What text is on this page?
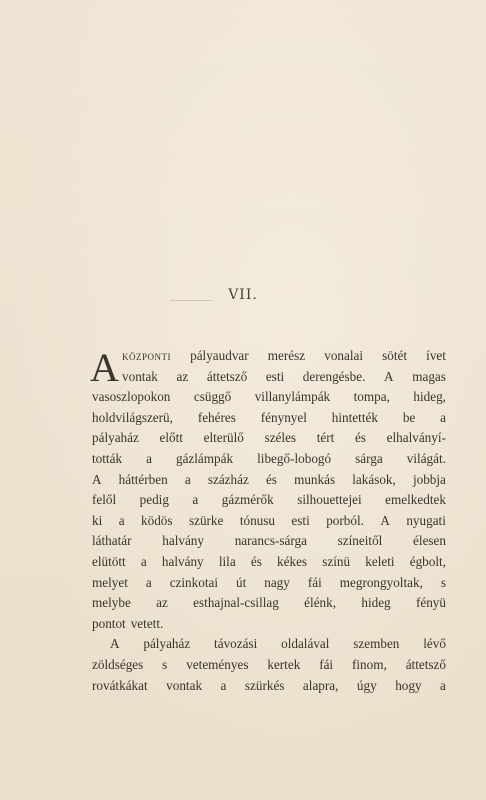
VII.
A központi pályaudvar merész vonalai sötét ívet
vontak az áttetsző esti derengésbe. A magas
vasoszlopokon csüggő villanylámpák tompa, hideg,
holdvilágszerü, fehéres fénynyel hintették be a
pályaház előtt elterülő széles tért és elhalványí-
tották a gázlámpák libegő-lobogó sárga világát.
A háttérben a százház és munkás lakások, jobbja
felől pedig a gázmérők silhouettejei emelkedtek
ki a ködös szürke tónusu esti porból. A nyugati
láthatár halvány narancs-sárga színeitől élesen
elütött a halvány lila és kékes színü keleti égbolt,
melyet a czinkotai út nagy fái megrongyoltak, s
melybe az esthajnal-csillag élénk, hideg fényü
pontot vetett.
A pályaház távozási oldalával szemben lévő
zöldséges s veteményes kertek fái finom, áttetsző
rovátkákat vontak a szürkés alapra, úgy hogy a
